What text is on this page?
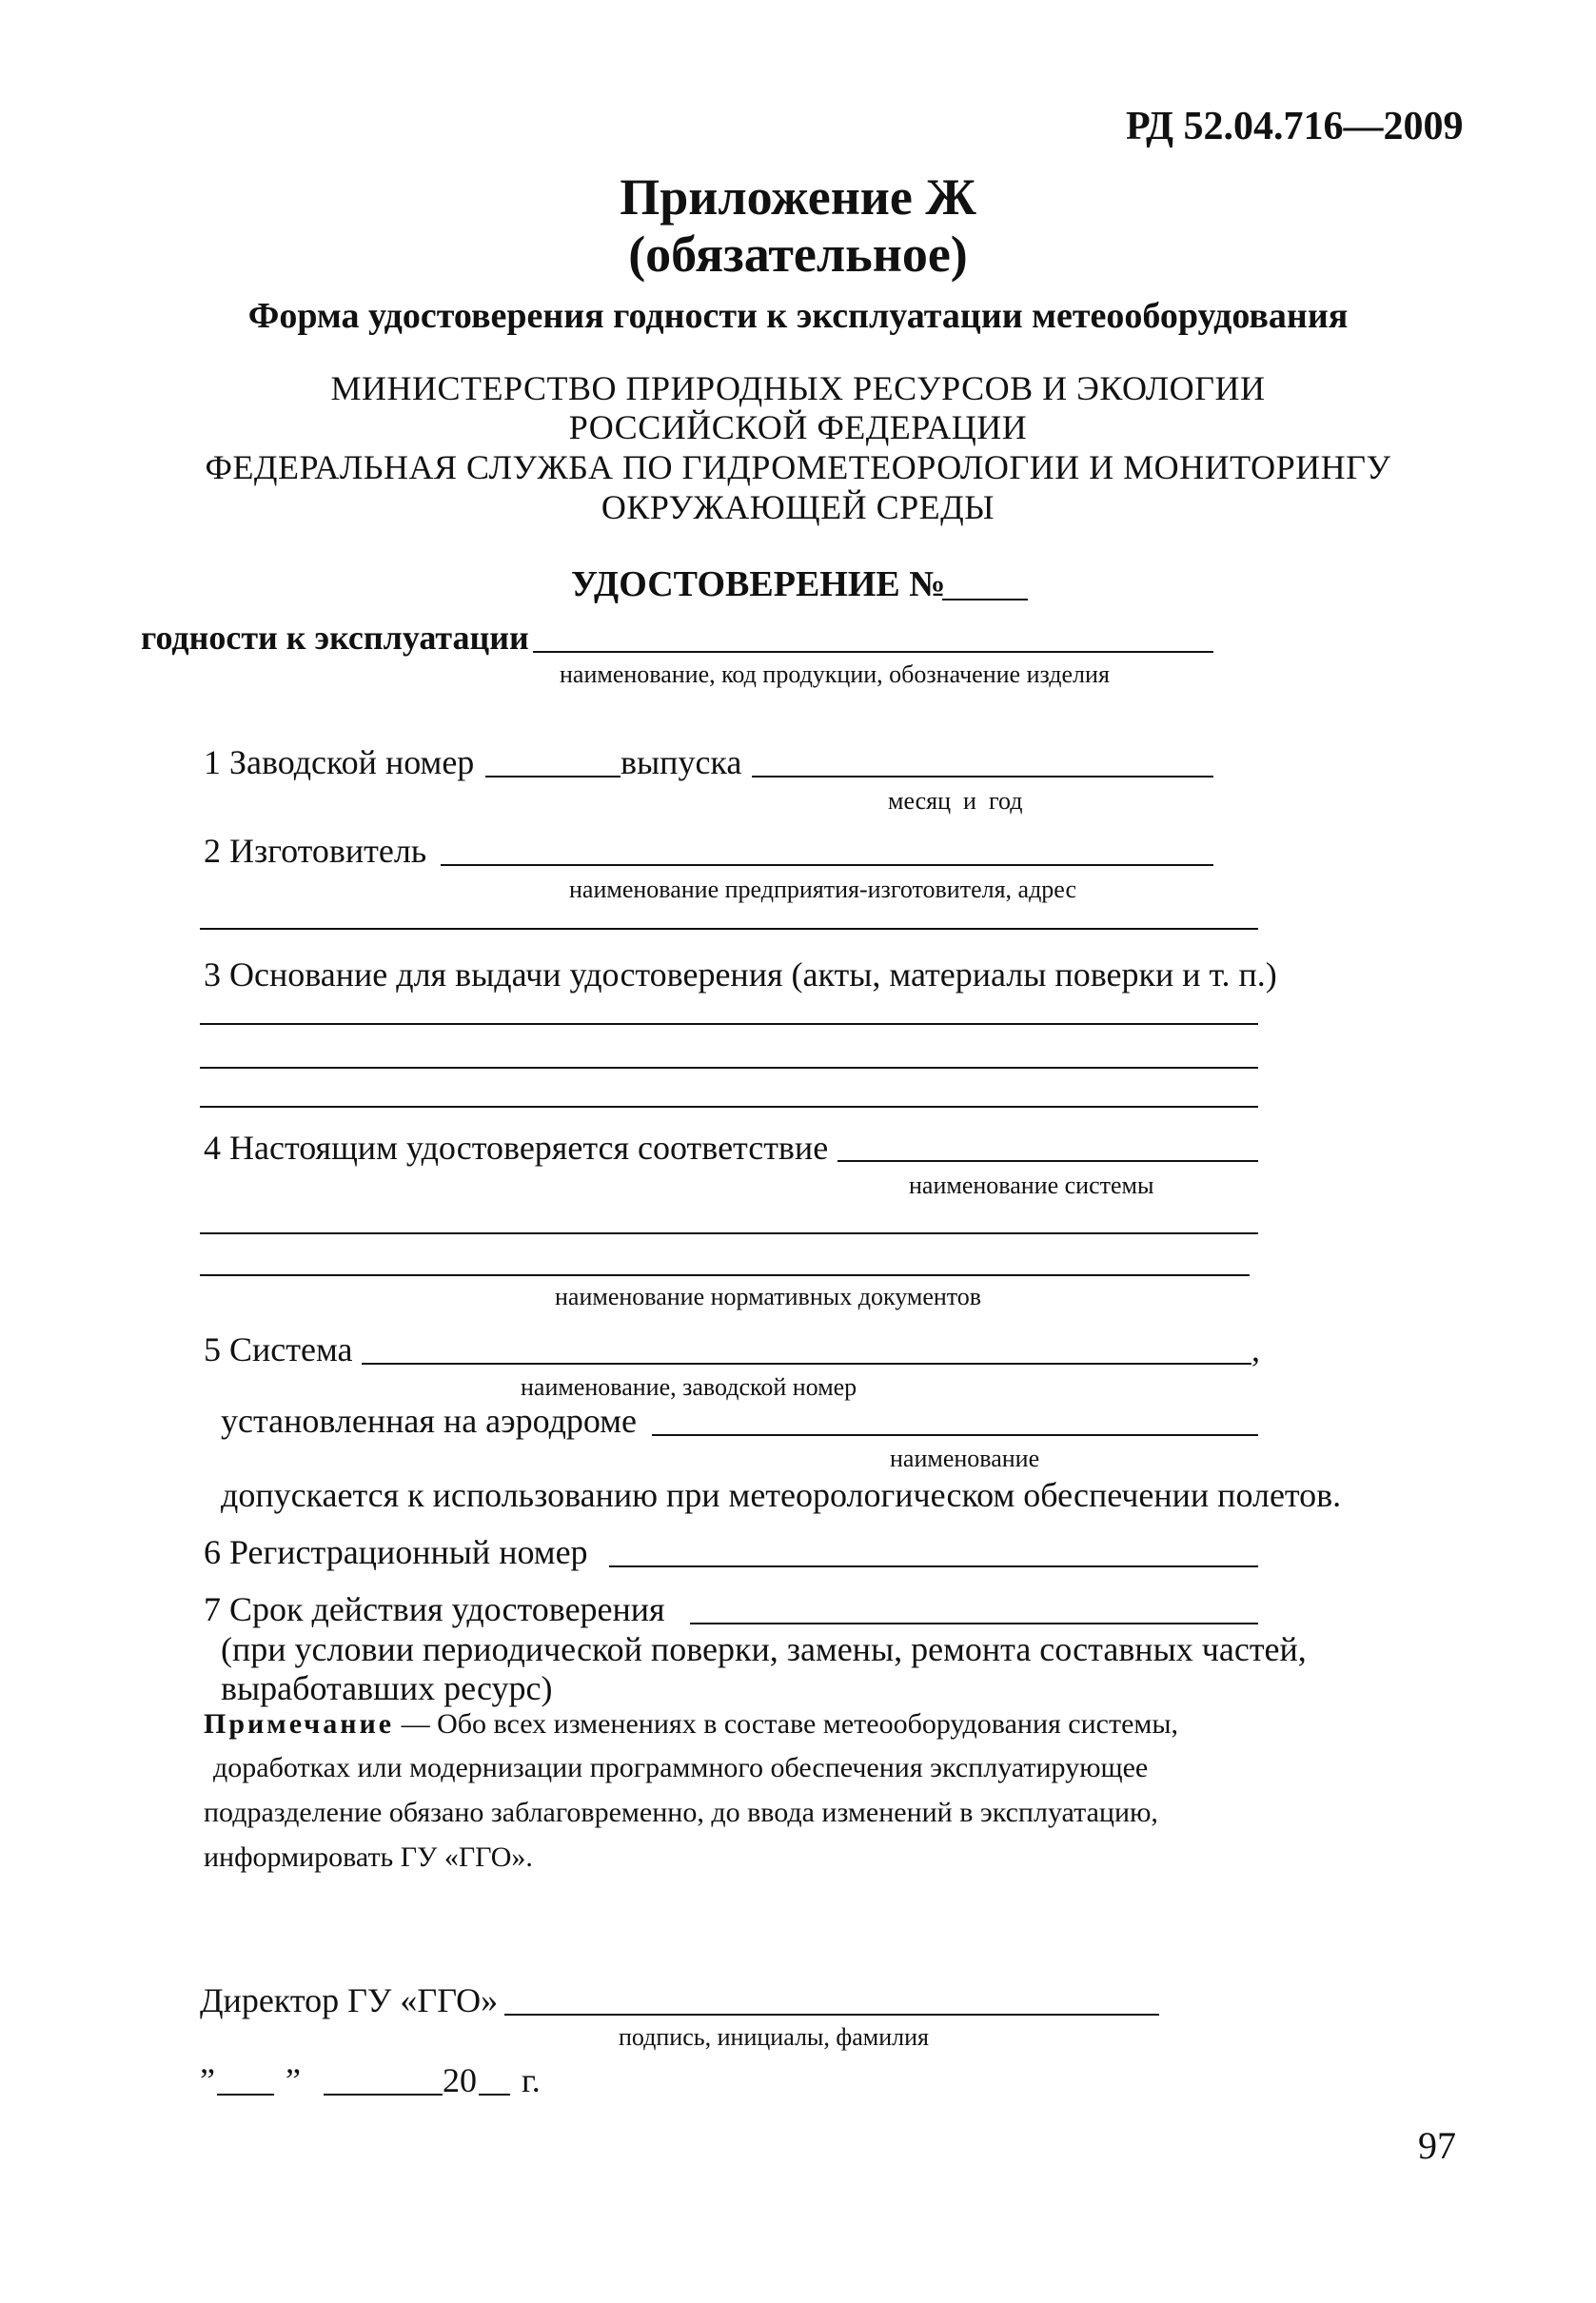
РД 52.04.716—2009
Приложение Ж
(обязательное)
Форма удостоверения годности к эксплуатации метеооборудования
МИНИСТЕРСТВО ПРИРОДНЫХ РЕСУРСОВ И ЭКОЛОГИИ
РОССИЙСКОЙ ФЕДЕРАЦИИ
ФЕДЕРАЛЬНАЯ СЛУЖБА ПО ГИДРОМЕТЕОРОЛОГИИ И МОНИТОРИНГУ
ОКРУЖАЮЩЕЙ СРЕДЫ
УДОСТОВЕРЕНИЕ №
годности к эксплуатации
наименование, код продукции, обозначение изделия
1 Заводской номер	выпуска
месяц  и  год
2 Изготовитель
наименование предприятия-изготовителя, адрес
3 Основание для выдачи удостоверения (акты, материалы поверки и т. п.)
4 Настоящим удостоверяется соответствие
наименование системы
наименование нормативных документов
5 Система	,
наименование, заводской номер
установленная на аэродроме
наименование
допускается к использованию при метеорологическом обеспечении полетов.
6 Регистрационный номер
7 Срок действия удостоверения
(при условии периодической поверки, замены, ремонта составных частей,
выработавших ресурс)
Примечание — Обо всех изменениях в составе метеооборудования системы,
доработках или модернизации программного обеспечения эксплуатирующее
подразделение обязано заблаговременно, до ввода изменений в эксплуатацию,
информировать ГУ «ГГО».
Директор ГУ «ГГО»
подпись, инициалы, фамилия
” ”	20 г.
97
